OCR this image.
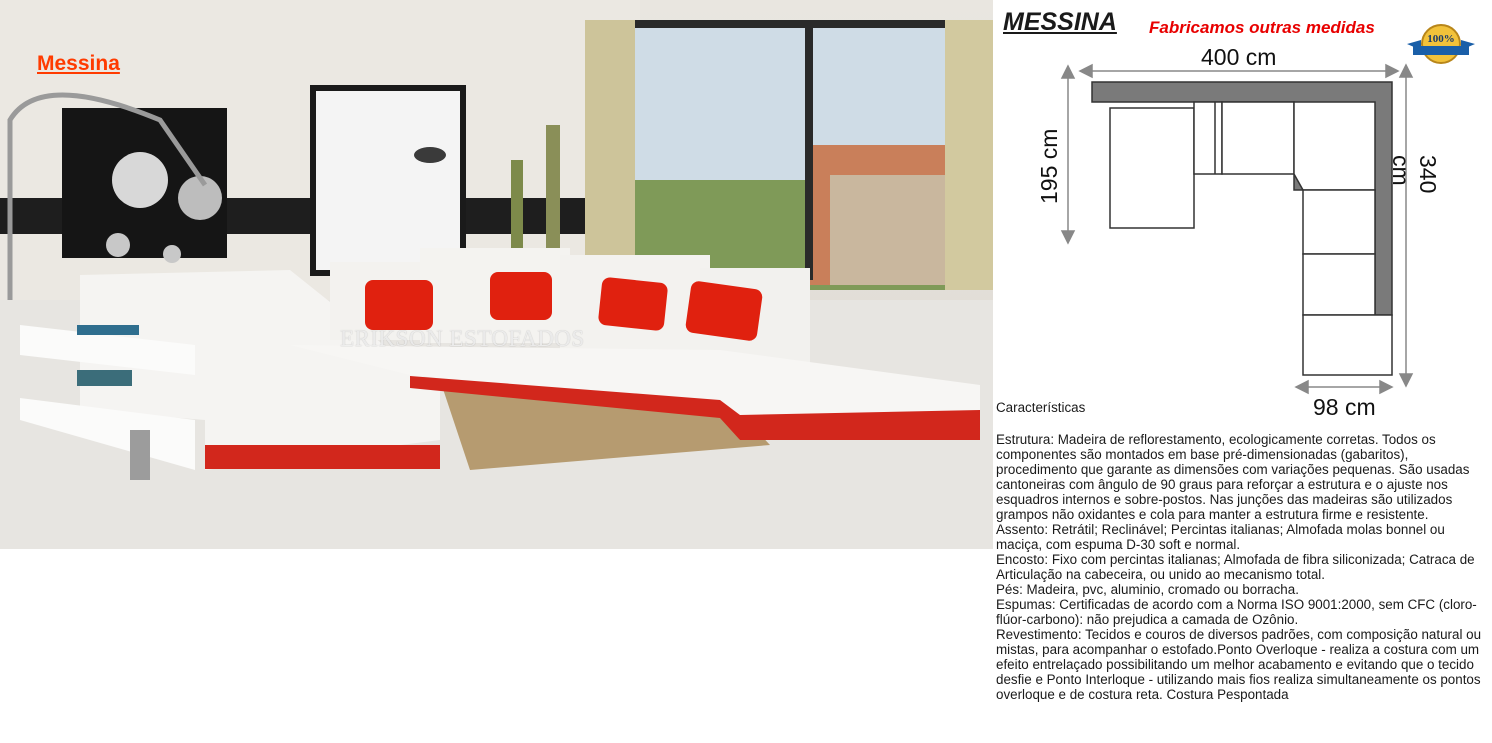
Messina
ERIKSON ESTOFADOS
MESSINA Fabricamos outras medidas
100%
400 cm
195 cm	340 cm
98 cm

Características

Estrutura: Madeira de reflorestamento, ecologicamente corretas. Todos os componentes são montados em base pré-dimensionadas (gabaritos), procedimento que garante as dimensões com variações pequenas. São usadas cantoneiras com ângulo de 90 graus para reforçar a estrutura e o ajuste nos esquadros internos e sobre-postos. Nas junções das madeiras são utilizados grampos não oxidantes e cola para manter a estrutura firme e resistente.

Assento: Retrátil; Reclinável; Percintas italianas; Almofada molas bonnel ou maciça, com espuma D-30 soft e normal.

Encosto: Fixo com percintas italianas; Almofada de fibra siliconizada; Catraca de Articulação na cabeceira, ou unido ao mecanismo total.

Pés: Madeira, pvc, aluminio, cromado ou borracha.

Espumas: Certificadas de acordo com a Norma ISO 9001:2000, sem CFC (cloro-flúor-carbono): não prejudica a camada de Ozônio.

Revestimento: Tecidos e couros de diversos padrões, com composição natural ou mistas, para acompanhar o estofado.Ponto Overloque - realiza a costura com um efeito entrelaçado possibilitando um melhor acabamento e evitando que o tecido desfie e Ponto Interloque - utilizando mais fios realiza simultaneamente os pontos overloque e de costura reta. Costura Pespontada
